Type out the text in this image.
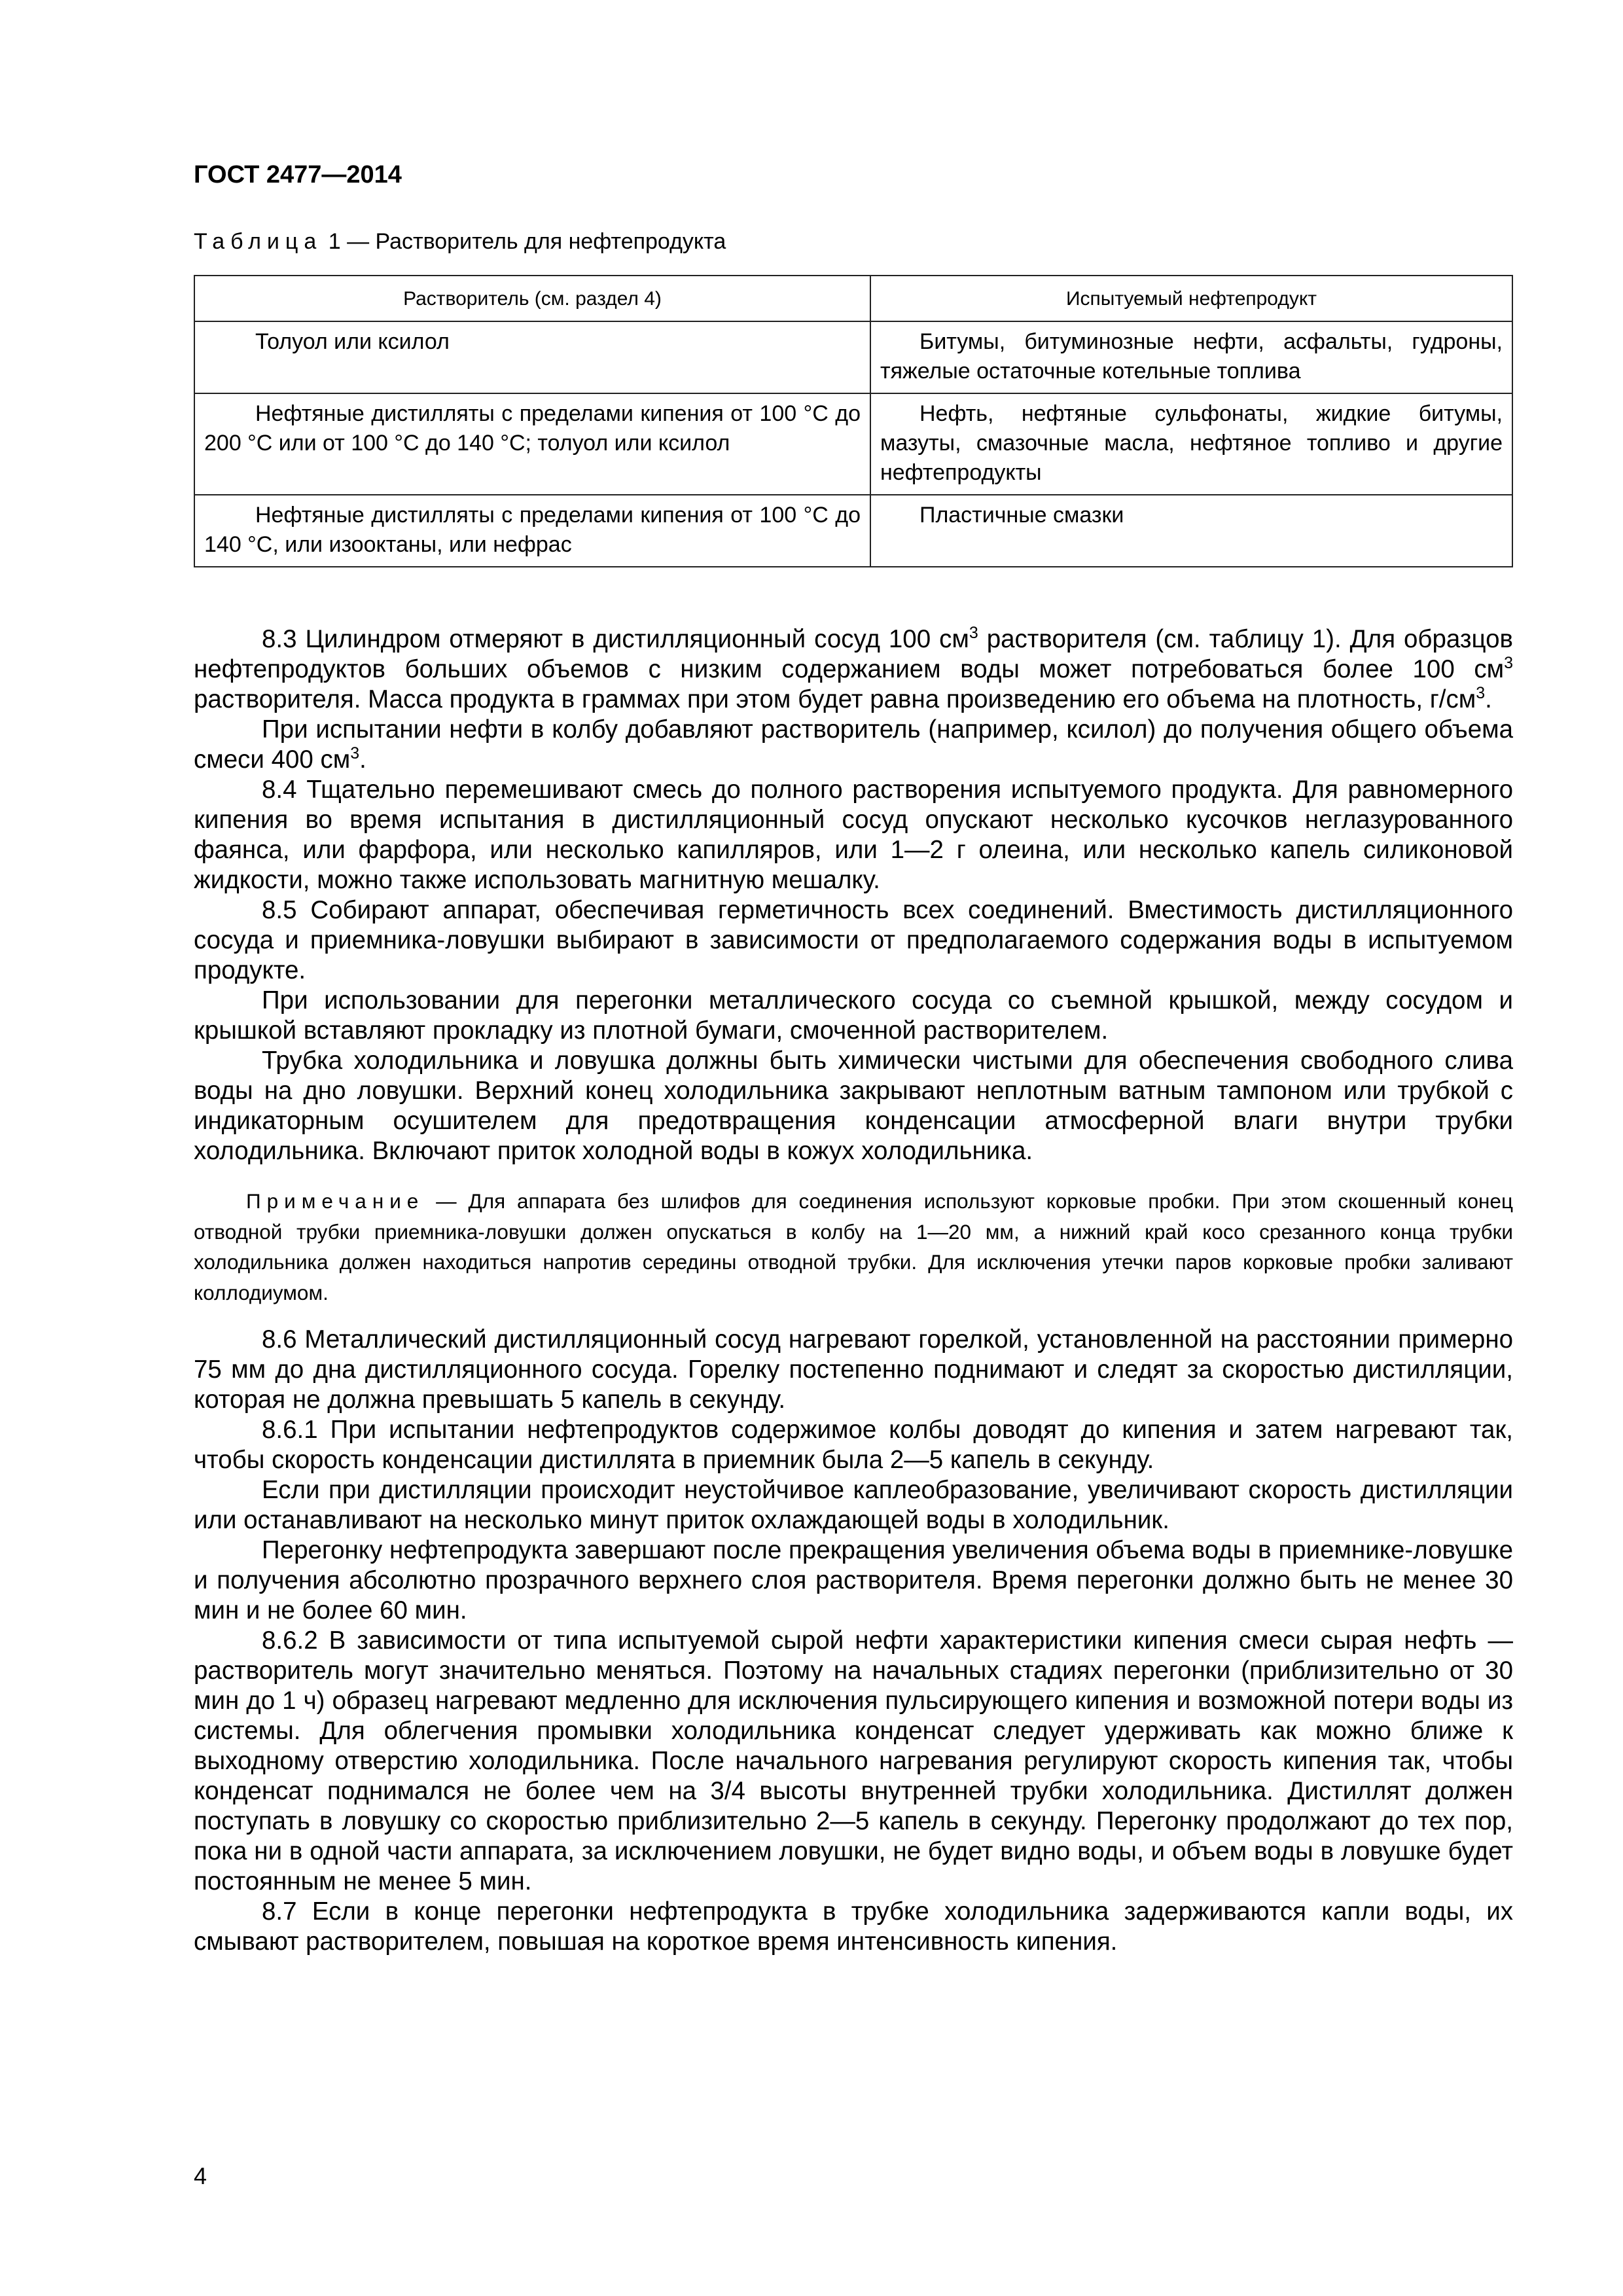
ГОСТ 2477—2014
Таблица 1 — Растворитель для нефтепродукта
Растворитель (см. раздел 4)	Испытуемый нефтепродукт
Толуол или ксилол	Битумы, битуминозные нефти, асфальты, гудроны, тяжелые остаточные котельные топлива
Нефтяные дистилляты с пределами кипения от 100 °С до 200 °С или от 100 °С до 140 °С; толуол или ксилол	Нефть, нефтяные сульфонаты, жидкие битумы, мазуты, смазочные масла, нефтяное топливо и другие нефтепродукты
Нефтяные дистилляты с пределами кипения от 100 °С до 140 °С, или изооктаны, или нефрас	Пластичные смазки

8.3 Цилиндром отмеряют в дистилляционный сосуд 100 $см^3$ растворителя (см. таблицу 1). Для образцов нефтепродуктов больших объемов с низким содержанием воды может потребоваться более 100 $см^3$ растворителя. Масса продукта в граммах при этом будет равна произведению его объема на плотность, $г/см^3$.

При испытании нефти в колбу добавляют растворитель (например, ксилол) до получения общего объема смеси 400 $см^3$.

8.4 Тщательно перемешивают смесь до полного растворения испытуемого продукта. Для равномерного кипения во время испытания в дистилляционный сосуд опускают несколько кусочков неглазурованного фаянса, или фарфора, или несколько капилляров, или 1—2 г олеина, или несколько капель силиконовой жидкости, можно также использовать магнитную мешалку.

8.5 Собирают аппарат, обеспечивая герметичность всех соединений. Вместимость дистилляционного сосуда и приемника-ловушки выбирают в зависимости от предполагаемого содержания воды в испытуемом продукте.

При использовании для перегонки металлического сосуда со съемной крышкой, между сосудом и крышкой вставляют прокладку из плотной бумаги, смоченной растворителем.

Трубка холодильника и ловушка должны быть химически чистыми для обеспечения свободного слива воды на дно ловушки. Верхний конец холодильника закрывают неплотным ватным тампоном или трубкой с индикаторным осушителем для предотвращения конденсации атмосферной влаги внутри трубки холодильника. Включают приток холодной воды в кожух холодильника.

Примечание — Для аппарата без шлифов для соединения используют корковые пробки. При этом скошенный конец отводной трубки приемника-ловушки должен опускаться в колбу на 1—20 мм, а нижний край косо срезанного конца трубки холодильника должен находиться напротив середины отводной трубки. Для исключения утечки паров корковые пробки заливают коллодиумом.

8.6 Металлический дистилляционный сосуд нагревают горелкой, установленной на расстоянии примерно 75 мм до дна дистилляционного сосуда. Горелку постепенно поднимают и следят за скоростью дистилляции, которая не должна превышать 5 капель в секунду.

8.6.1 При испытании нефтепродуктов содержимое колбы доводят до кипения и затем нагревают так, чтобы скорость конденсации дистиллята в приемник была 2—5 капель в секунду.

Если при дистилляции происходит неустойчивое каплеобразование, увеличивают скорость дистилляции или останавливают на несколько минут приток охлаждающей воды в холодильник.

Перегонку нефтепродукта завершают после прекращения увеличения объема воды в приемнике-ловушке и получения абсолютно прозрачного верхнего слоя растворителя. Время перегонки должно быть не менее 30 мин и не более 60 мин.

8.6.2 В зависимости от типа испытуемой сырой нефти характеристики кипения смеси сырая нефть — растворитель могут значительно меняться. Поэтому на начальных стадиях перегонки (приблизительно от 30 мин до 1 ч) образец нагревают медленно для исключения пульсирующего кипения и возможной потери воды из системы. Для облегчения промывки холодильника конденсат следует удерживать как можно ближе к выходному отверстию холодильника. После начального нагревания регулируют скорость кипения так, чтобы конденсат поднимался не более чем на 3/4 высоты внутренней трубки холодильника. Дистиллят должен поступать в ловушку со скоростью приблизительно 2—5 капель в секунду. Перегонку продолжают до тех пор, пока ни в одной части аппарата, за исключением ловушки, не будет видно воды, и объем воды в ловушке будет постоянным не менее 5 мин.

8.7 Если в конце перегонки нефтепродукта в трубке холодильника задерживаются капли воды, их смывают растворителем, повышая на короткое время интенсивность кипения.

4
